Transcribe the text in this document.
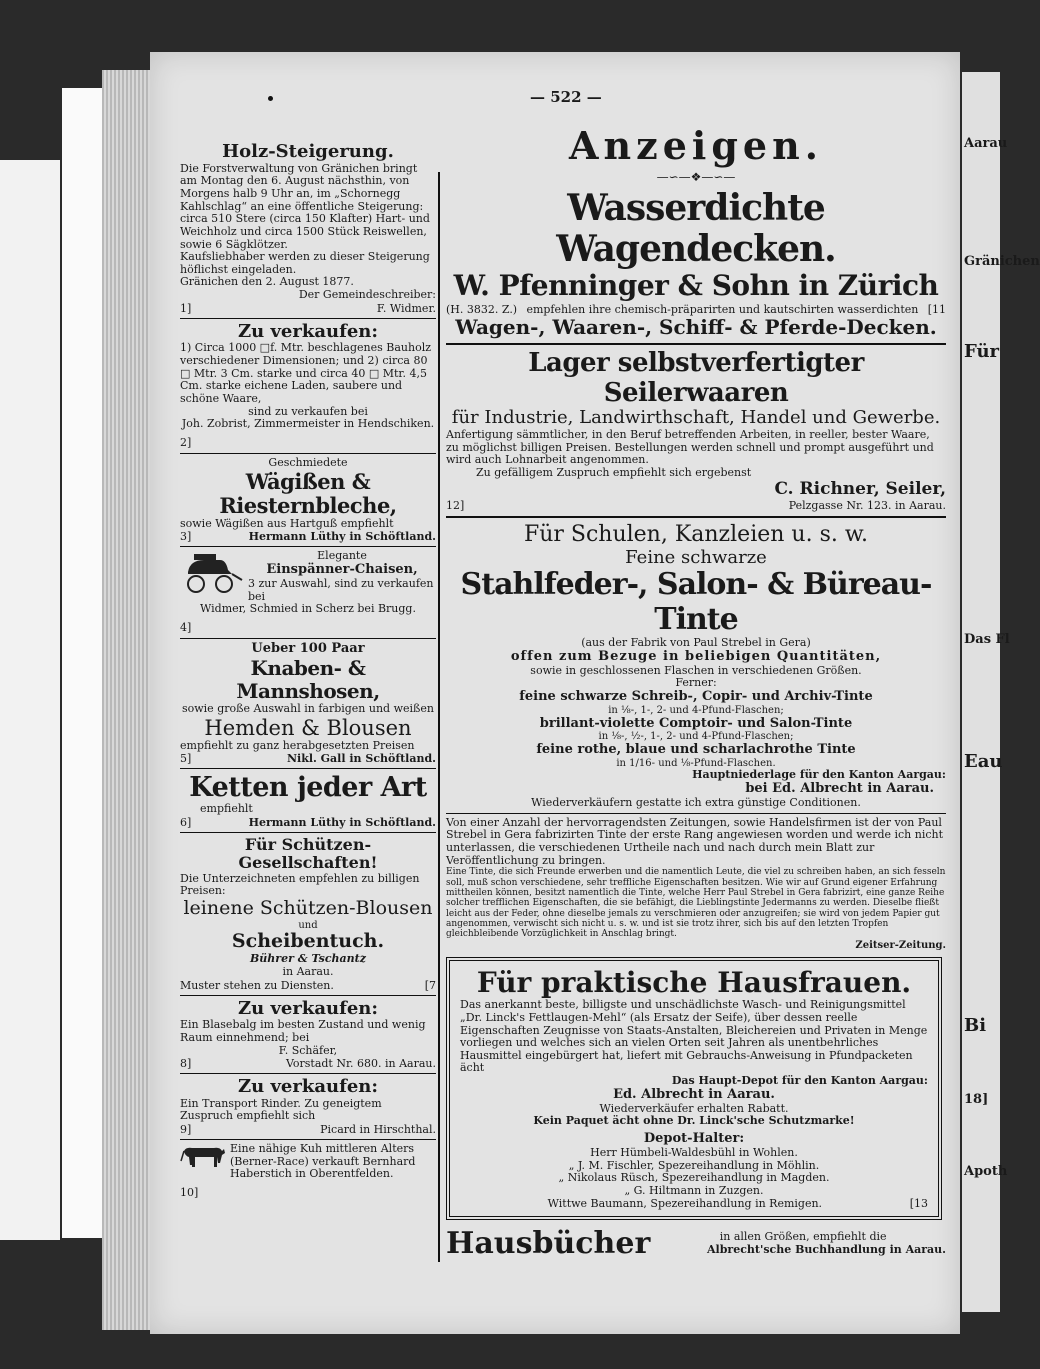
— 522 —

Holz-Steigerung.

Die Forstverwaltung von Gränichen bringt am Montag den 6. August nächsthin, von Morgens halb 9 Uhr an, im „Schornegg Kahlschlag“ an eine öffentliche Steigerung:

circa 510 Stere (circa 150 Klafter) Hart- und Weichholz und circa 1500 Stück Reiswellen, sowie 6 Sägklötzer.

Kaufsliebhaber werden zu dieser Steigerung höflichst eingeladen.

Gränichen den 2. August 1877.

Der Gemeindeschreiber:

1]	F. Widmer.

Zu verkaufen:

1) Circa 1000 □f. Mtr. beschlagenes Bauholz verschiedener Dimensionen; und 2) circa 80 □ Mtr. 3 Cm. starke und circa 40 □ Mtr. 4,5 Cm. starke eichene Laden, saubere und schöne Waare,

sind zu verkaufen bei

Joh. Zobrist, Zimmermeister in Hendschiken.

2]

Geschmiedete

Wägißen & Riesternbleche,

sowie Wägißen aus Hartguß empfiehlt

3]	Hermann Lüthy in Schöftland.

Elegante

Einspänner-Chaisen,

3 zur Auswahl, sind zu verkaufen bei

Widmer, Schmied in Scherz bei Brugg.

4]

Ueber 100 Paar

Knaben- & Mannshosen,

sowie große Auswahl in farbigen und weißen

Hemden & Blousen

empfiehlt zu ganz herabgesetzten Preisen

5]	Nikl. Gall in Schöftland.

Ketten jeder Art

empfiehlt

6]	Hermann Lüthy in Schöftland.

Für Schützen-Gesellschaften!

Die Unterzeichneten empfehlen zu billigen Preisen:

leinene Schützen-Blousen

und

Scheibentuch.

Bührer & Tschantz

in Aarau.

Muster stehen zu Diensten.	[7

Zu verkaufen:

Ein Blasebalg im besten Zustand und wenig Raum einnehmend; bei

F. Schäfer,

8]	Vorstadt Nr. 680. in Aarau.

Zu verkaufen:

Ein Transport Rinder. Zu geneigtem Zuspruch empfiehlt sich

9]	Picard in Hirschthal.

Eine nähige Kuh mittleren Alters (Berner-Race) verkauft Bernhard Haberstich in Oberentfelden.

10]

Anzeigen.

—∽—❖—∽—

Wasserdichte Wagendecken.

W. Pfenninger & Sohn in Zürich

(H. 3832. Z.) empfehlen ihre chemisch-präparirten und kautschirten wasserdichten [11

Wagen-, Waaren-, Schiff- & Pferde-Decken.

Lager selbstverfertigter Seilerwaaren

für Industrie, Landwirthschaft, Handel und Gewerbe.

Anfertigung sämmtlicher, in den Beruf betreffenden Arbeiten, in reeller, bester Waare, zu möglichst billigen Preisen. Bestellungen werden schnell und prompt ausgeführt und wird auch Lohnarbeit angenommen.

Zu gefälligem Zuspruch empfiehlt sich ergebenst

C. Richner, Seiler,

12]	Pelzgasse Nr. 123. in Aarau.

Für Schulen, Kanzleien u. s. w.

Feine schwarze

Stahlfeder-, Salon- & Büreau-Tinte

(aus der Fabrik von Paul Strebel in Gera)

offen zum Bezuge in beliebigen Quantitäten,

sowie in geschlossenen Flaschen in verschiedenen Größen.

Ferner:

feine schwarze Schreib-, Copir- und Archiv-Tinte

in ⅛-, 1-, 2- und 4-Pfund-Flaschen;

brillant-violette Comptoir- und Salon-Tinte

in ⅛-, ½-, 1-, 2- und 4-Pfund-Flaschen;

feine rothe, blaue und scharlachrothe Tinte

in 1/16- und ⅛-Pfund-Flaschen.

Hauptniederlage für den Kanton Aargau:

bei Ed. Albrecht in Aarau.

Wiederverkäufern gestatte ich extra günstige Conditionen.

Von einer Anzahl der hervorragendsten Zeitungen, sowie Handelsfirmen ist der von Paul Strebel in Gera fabrizirten Tinte der erste Rang angewiesen worden und werde ich nicht unterlassen, die verschiedenen Urtheile nach und nach durch mein Blatt zur Veröffentlichung zu bringen.

Eine Tinte, die sich Freunde erwerben und die namentlich Leute, die viel zu schreiben haben, an sich fesseln soll, muß schon verschiedene, sehr treffliche Eigenschaften besitzen. Wie wir auf Grund eigener Erfahrung mittheilen können, besitzt namentlich die Tinte, welche Herr Paul Strebel in Gera fabrizirt, eine ganze Reihe solcher trefflichen Eigenschaften, die sie befähigt, die Lieblingstinte Jedermanns zu werden. Dieselbe fließt leicht aus der Feder, ohne dieselbe jemals zu verschmieren oder anzugreifen; sie wird von jedem Papier gut angenommen, verwischt sich nicht u. s. w. und ist sie trotz ihrer, sich bis auf den letzten Tropfen gleichbleibende Vorzüglichkeit in Anschlag bringt.

Zeitser-Zeitung.

Für praktische Hausfrauen.

Das anerkannt beste, billigste und unschädlichste Wasch- und Reinigungsmittel „Dr. Linck's Fettlaugen-Mehl“ (als Ersatz der Seife), über dessen reelle Eigenschaften Zeugnisse von Staats-Anstalten, Bleichereien und Privaten in Menge vorliegen und welches sich an vielen Orten seit Jahren als unentbehrliches Hausmittel eingebürgert hat, liefert mit Gebrauchs-Anweisung in Pfundpacketen ächt

Das Haupt-Depot für den Kanton Aargau:

Ed. Albrecht in Aarau.

Wiederverkäufer erhalten Rabatt.

Kein Paquet ächt ohne Dr. Linck'sche Schutzmarke!

Depot-Halter:

Herr Hümbeli-Waldesbühl in Wohlen.

„ J. M. Fischler, Spezereihandlung in Möhlin.

„ Nikolaus Rüsch, Spezereihandlung in Magden.

„ G. Hiltmann in Zuzgen.

Wittwe Baumann, Spezereihandlung in Remigen.	[13
Hausbücher	in allen Größen, empfiehlt die

Albrecht'sche Buchhandlung in Aarau.

Aarau
Gränichen
Für
Das Fl
Eau
Bi
18]
Apoth
